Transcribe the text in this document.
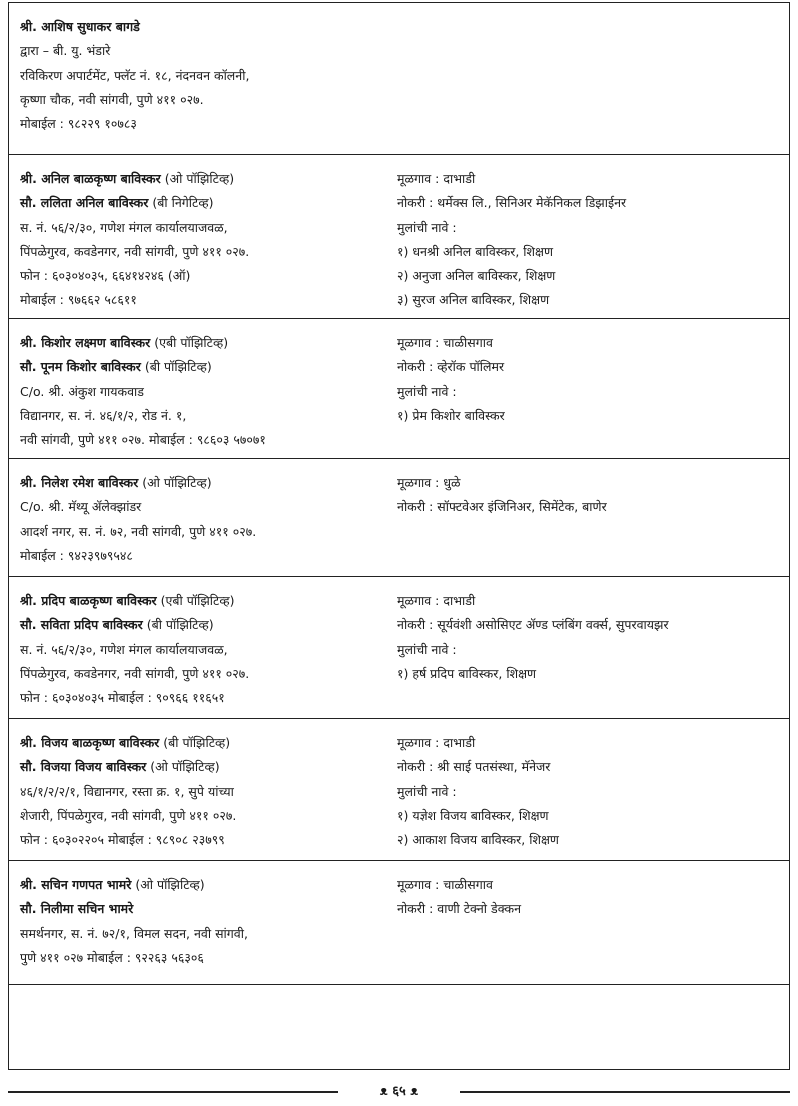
श्री. आशिष सुधाकर बागडे
द्वारा – बी. यु. भंडारे
रविकिरण अपार्टमेंट, फ्लॅट नं. १८, नंदनवन कॉलनी,
कृष्णा चौक, नवी सांगवी, पुणे ४११ ०२७.
मोबाईल : ९८२२९ १०७८३
श्री. अनिल बाळकृष्ण बाविस्कर (ओ पॉझिटिव्ह)
सौ. ललिता अनिल बाविस्कर (बी निगेटिव्ह)
स. नं. ५६/२/३०, गणेश मंगल कार्यालयाजवळ,
पिंपळेगुरव, कवडेनगर, नवी सांगवी, पुणे ४११ ०२७.
फोन : ६०३०४०३५, ६६४१४२४६ (ऑ)
मोबाईल : ९७६६२ ५८६११
मूळगाव : दाभाडी
नोकरी : थर्मेक्स लि., सिनिअर मेकॅनिकल डिझाईनर
मुलांची नावे :
१) धनश्री अनिल बाविस्कर, शिक्षण
२) अनुजा अनिल बाविस्कर, शिक्षण
३) सुरज अनिल बाविस्कर, शिक्षण
श्री. किशोर लक्ष्मण बाविस्कर (एबी पॉझिटिव्ह)
सौ. पूनम किशोर बाविस्कर (बी पॉझिटिव्ह)
C/o. श्री. अंकुश गायकवाड
विद्यानगर, स. नं. ४६/१/२, रोड नं. १,
नवी सांगवी, पुणे ४११ ०२७. मोबाईल : ९८६०३ ५७०७१
मूळगाव : चाळीसगाव
नोकरी : व्हेरॉक पॉलिमर
मुलांची नावे :
१) प्रेम किशोर बाविस्कर
श्री. निलेश रमेश बाविस्कर (ओ पॉझिटिव्ह)
C/o. श्री. मॅथ्यू ॲलेक्झांडर
आदर्श नगर, स. नं. ७२, नवी सांगवी, पुणे ४११ ०२७.
मोबाईल : ९४२३९७९५४८
मूळगाव : धुळे
नोकरी : सॉफ्टवेअर इंजिनिअर, सिमेंटेक, बाणेर
श्री. प्रदिप बाळकृष्ण बाविस्कर (एबी पॉझिटिव्ह)
सौ. सविता प्रदिप बाविस्कर (बी पॉझिटिव्ह)
स. नं. ५६/२/३०, गणेश मंगल कार्यालयाजवळ,
पिंपळेगुरव, कवडेनगर, नवी सांगवी, पुणे ४११ ०२७.
फोन : ६०३०४०३५ मोबाईल : ९०९६६ ११६५१
मूळगाव : दाभाडी
नोकरी : सूर्यवंशी असोसिएट ॲण्ड प्लंबिंग वर्क्स, सुपरवायझर
मुलांची नावे :
१) हर्ष प्रदिप बाविस्कर, शिक्षण
श्री. विजय बाळकृष्ण बाविस्कर (बी पॉझिटिव्ह)
सौ. विजया विजय बाविस्कर (ओ पॉझिटिव्ह)
४६/१/२/२/१, विद्यानगर, रस्ता क्र. १, सुपे यांच्या
शेजारी, पिंपळेगुरव, नवी सांगवी, पुणे ४११ ०२७.
फोन : ६०३०२२०५ मोबाईल : ९८९०८ २३७९९
मूळगाव : दाभाडी
नोकरी : श्री साई पतसंस्था, मॅनेजर
मुलांची नावे :
१) यज्ञेश विजय बाविस्कर, शिक्षण
२) आकाश विजय बाविस्कर, शिक्षण
श्री. सचिन गणपत भामरे (ओ पॉझिटिव्ह)
सौ. निलीमा सचिन भामरे
समर्थनगर, स. नं. ७२/१, विमल सदन, नवी सांगवी,
पुणे ४११ ०२७ मोबाईल : ९२२६३ ५६३०६
मूळगाव : चाळीसगाव
नोकरी : वाणी टेक्नो डेक्कन
ᴥ ६५ ᴥ
